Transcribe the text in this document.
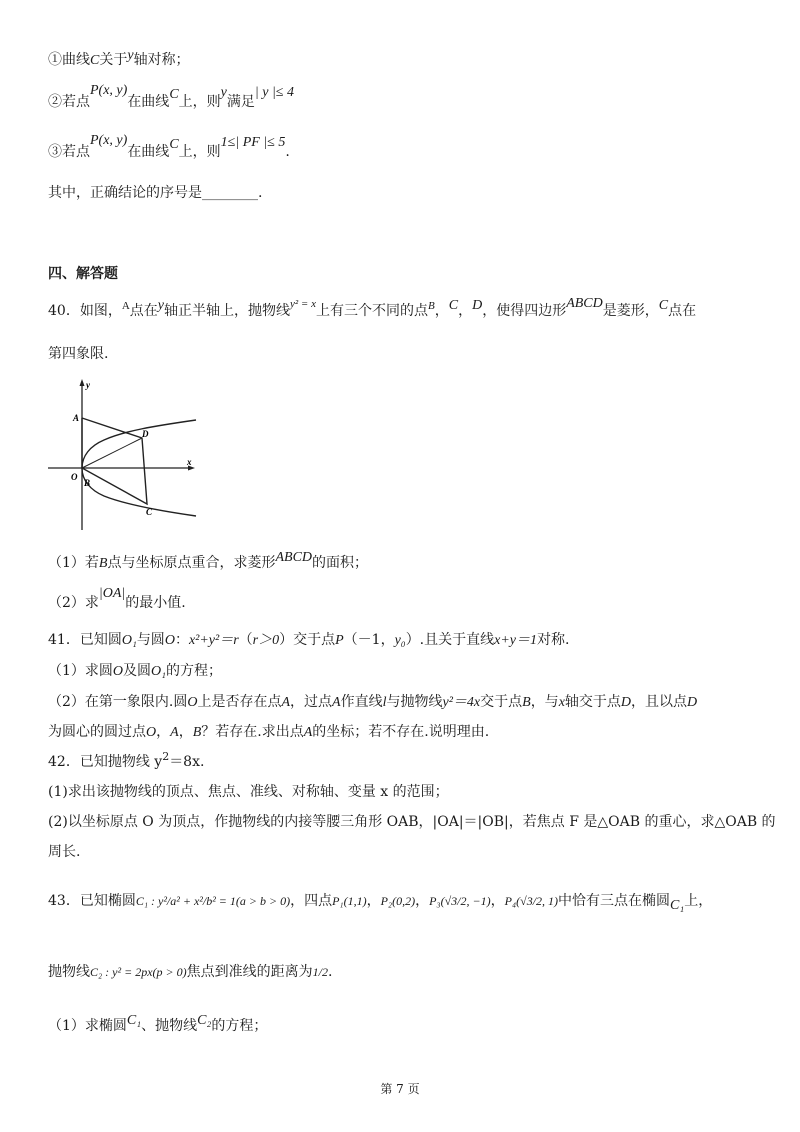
①曲线C关于y轴对称；
②若点P(x, y)在曲线C上，则y满足| y |≤ 4
③若点P(x, y)在曲线C上，则1≤| PF |≤ 5.
其中，正确结论的序号是________.
四、解答题
40．如图，$^A$点在y轴正半轴上，抛物线$^{y^2 = x}$上有三个不同的点$^B$，C，D，使得四边形ABCD是菱形，C点在
第四象限.
y
x
A
O
B
C
D
（1）若B点与坐标原点重合，求菱形ABCD的面积；
（2）求|OA|的最小值.
41．已知圆O₁与圆O：x²+y²＝r（r＞0）交于点P（－1，y₀）.且关于直线x+y＝1对称.
（1）求圆O及圆O₁的方程；
（2）在第一象限内.圆O上是否存在点A，过点A作直线l与抛物线y²＝4x交于点B，与x轴交于点D，且以点D
为圆心的圆过点O，A，B？若存在.求出点A的坐标；若不存在.说明理由.
42．已知抛物线 $y^2=8x$.
(1)求出该抛物线的顶点、焦点、准线、对称轴、变量 x 的范围；
(2)以坐标原点 O 为顶点，作抛物线的内接等腰三角形 OAB，|OA|＝|OB|，若焦点 F 是△OAB 的重心，求△OAB 的
周长.
43．已知椭圆C₁ : y²/a² + x²/b² = 1(a > b > 0)，四点P₁(1,1)，P₂(0,2)，P₃(√3/2, −1)，P₄(√3/2, 1)中恰有三点在椭圆C₁上，
抛物线C₂ : y² = 2px(p > 0)焦点到准线的距离为1/2.
（1）求椭圆C₁、抛物线C₂的方程；
第 7 页
